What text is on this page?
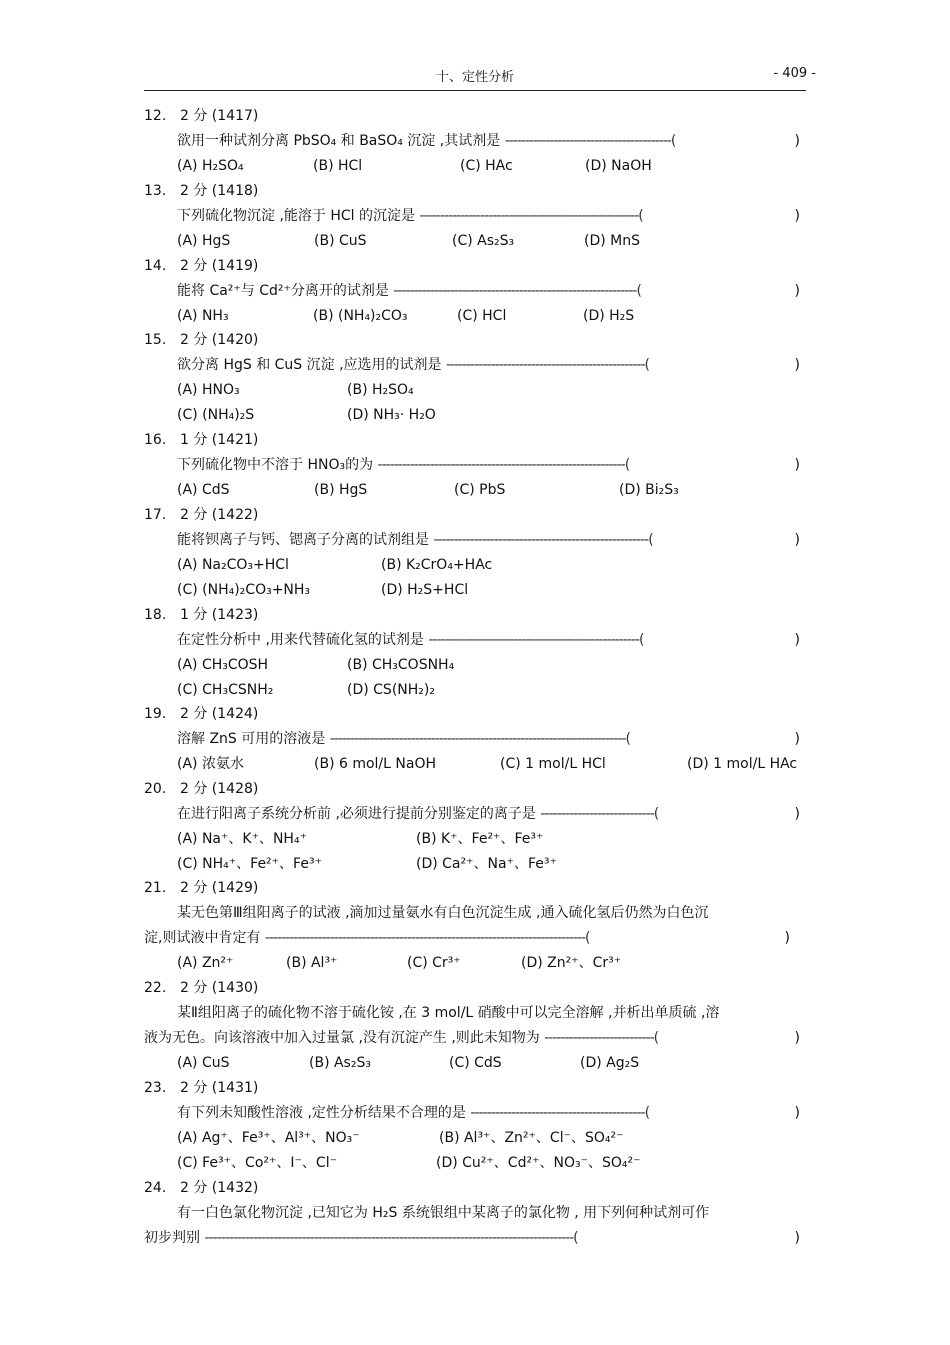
十、定性分析	- 409 -
12. 2 分 (1417)
欲用一种试剂分离 PbSO₄ 和 BaSO₄ 沉淀 ,其试剂是 -----------------------------------------(	)
(A) H₂SO₄	(B) HCl	(C) HAc	(D) NaOH
13. 2 分 (1418)
下列硫化物沉淀 ,能溶于 HCl 的沉淀是 ------------------------------------------------------(	)
(A) HgS	(B) CuS	(C) As₂S₃	(D) MnS
14. 2 分 (1419)
能将 Ca²⁺与 Cd²⁺分离开的试剂是 ------------------------------------------------------------(	)
(A) NH₃	(B) (NH₄)₂CO₃	(C) HCl	(D) H₂S
15. 2 分 (1420)
欲分离 HgS 和 CuS 沉淀 ,应选用的试剂是 -------------------------------------------------(	)
(A) HNO₃	(B) H₂SO₄
(C) (NH₄)₂S	(D) NH₃· H₂O
16. 1 分 (1421)
下列硫化物中不溶于 HNO₃的为 -------------------------------------------------------------(	)
(A) CdS	(B) HgS	(C) PbS	(D) Bi₂S₃
17. 2 分 (1422)
能将钡离子与钙、锶离子分离的试剂组是 -----------------------------------------------------(	)
(A) Na₂CO₃+HCl	(B) K₂CrO₄+HAc
(C) (NH₄)₂CO₃+NH₃	(D) H₂S+HCl
18. 1 分 (1423)
在定性分析中 ,用来代替硫化氢的试剂是 ----------------------------------------------------(	)
(A) CH₃COSH	(B) CH₃COSNH₄
(C) CH₃CSNH₂	(D) CS(NH₂)₂
19. 2 分 (1424)
溶解 ZnS 可用的溶液是 -------------------------------------------------------------------------(	)
(A) 浓氨水	(B) 6 mol/L NaOH	(C) 1 mol/L HCl	(D) 1 mol/L HAc
20. 2 分 (1428)
在进行阳离子系统分析前 ,必须进行提前分别鉴定的离子是 ----------------------------(	)
(A) Na⁺、K⁺、NH₄⁺	(B) K⁺、Fe²⁺、Fe³⁺
(C) NH₄⁺、Fe²⁺、Fe³⁺	(D) Ca²⁺、Na⁺、Fe³⁺
21. 2 分 (1429)
某无色第Ⅲ组阳离子的试液 ,滴加过量氨水有白色沉淀生成 ,通入硫化氢后仍然为白色沉
淀,则试液中肯定有 -------------------------------------------------------------------------------(	)
(A) Zn²⁺	(B) Al³⁺	(C) Cr³⁺	(D) Zn²⁺、Cr³⁺
22. 2 分 (1430)
某Ⅱ组阳离子的硫化物不溶于硫化铵 ,在 3 mol/L 硝酸中可以完全溶解 ,并析出单质硫 ,溶
液为无色。向该溶液中加入过量氯 ,没有沉淀产生 ,则此未知物为 ---------------------------(	)
(A) CuS	(B) As₂S₃	(C) CdS	(D) Ag₂S
23. 2 分 (1431)
有下列未知酸性溶液 ,定性分析结果不合理的是 -------------------------------------------(	)
(A) Ag⁺、Fe³⁺、Al³⁺、NO₃⁻	(B) Al³⁺、Zn²⁺、Cl⁻、SO₄²⁻
(C) Fe³⁺、Co²⁺、I⁻、Cl⁻	(D) Cu²⁺、Cd²⁺、NO₃⁻、SO₄²⁻
24. 2 分 (1432)
有一白色氯化物沉淀 ,已知它为 H₂S 系统银组中某离子的氯化物 , 用下列何种试剂可作
初步判别 -------------------------------------------------------------------------------------------(	)
